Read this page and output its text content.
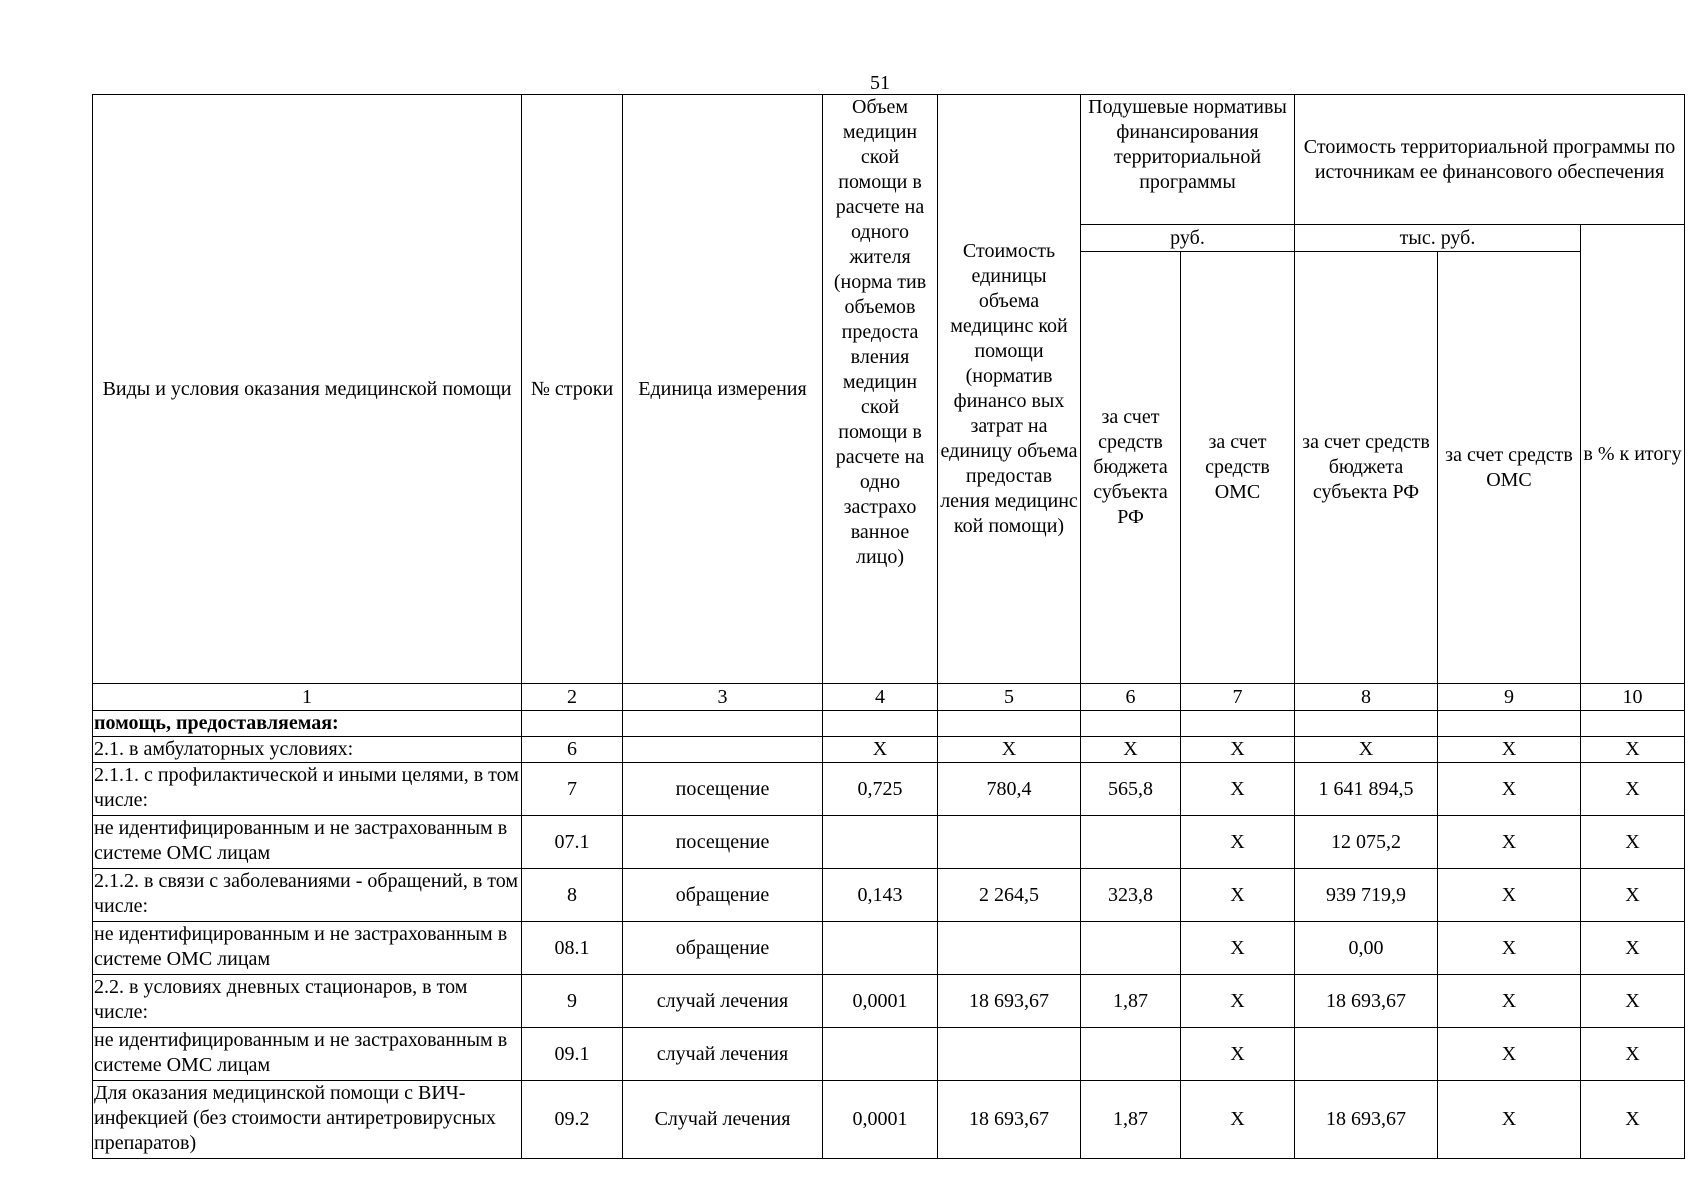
51
Виды и условия оказания медицинской помощи	№ строки	Единица измерения	Объем медицин ской помощи в расчете на одного жителя (норма тив объемов предоста вления медицин ской помощи в расчете на одно застрахо ванное лицо)	Стоимость единицы объема медицинс кой помощи (норматив финансо вых затрат на единицу объема предостав ления медицинс кой помощи)	Подушевые нормативы финансирования территориальной программы		Стоимость территориальной программы по источникам ее финансового обеспечения		
					руб.		тыс. руб.		в % к итогу
					за счет средств бюджета субъекта РФ	за счет средств ОМС	за счет средств бюджета субъекта РФ	за счет средств ОМС	

1	2	3	4	5	6	7	8	9	10
помощь, предоставляемая:									
2.1. в амбулаторных условиях:	6		X	X	X	X	X	X	X
2.1.1. с профилактической и иными целями, в том числе:	7	посещение	0,725	780,4	565,8	X	1 641 894,5	X	X
не идентифицированным и не застрахованным в системе ОМС лицам	07.1	посещение				X	12 075,2	X	X
2.1.2. в связи с заболеваниями - обращений, в том числе:	8	обращение	0,143	2 264,5	323,8	X	939 719,9	X	X
не идентифицированным и не застрахованным в системе ОМС лицам	08.1	обращение				X	0,00	X	X
2.2. в условиях дневных стационаров, в том числе:	9	случай лечения	0,0001	18 693,67	1,87	X	18 693,67	X	X
не идентифицированным и не застрахованным в системе ОМС лицам	09.1	случай лечения				X		X	X
Для оказания медицинской помощи с ВИЧ-инфекцией (без стоимости антиретровирусных препаратов)	09.2	Случай лечения	0,0001	18 693,67	1,87	X	18 693,67	X	X
